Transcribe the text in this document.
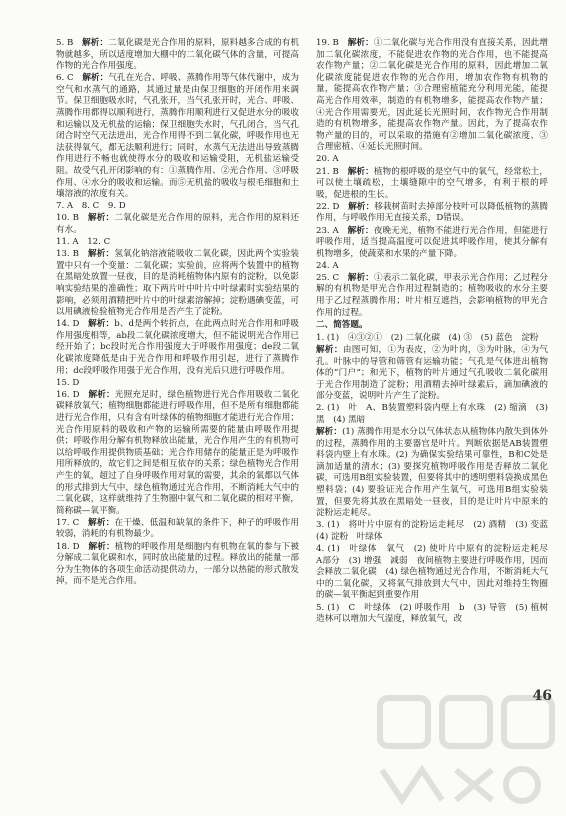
5. B　 解析：二氧化碳是光合作用的原料，原料越多合成的有机物就越多，所以适度增加大棚中的二氧化碳气体的含量，可提高作物的光合作用强度。
6. C　 解析：气孔在光合、呼吸、蒸腾作用等气体代谢中，成为空气和水蒸气的通路，其通过量是由保卫细胞的开闭作用来调节。保卫细胞吸水时，气孔张开，当气孔张开时，光合、呼吸、蒸腾作用都得以顺利进行，蒸腾作用顺利进行又促进水分的吸收和运输以及无机盐的运输；保卫细胞失水时，气孔闭合，当气孔闭合时空气无法进出，光合作用得不到二氧化碳，呼吸作用也无法获得氧气，都无法顺利进行；同时，水蒸气无法进出导致蒸腾作用进行不畅也就使得水分的吸收和运输受阻，无机盐运输受阻。故受气孔开闭影响的有：①蒸腾作用、②光合作用、③呼吸作用、④水分的吸收和运输。而⑤无机盐的吸收与根毛细胞和土壤溶液的浓度有关。
7. A　 8. C　9. D
10. B　 解析：二氧化碳是光合作用的原料，光合作用的原料还有水。
11. A　 12. C
13. B　 解析：氢氧化钠溶液能吸收二氧化碳，因此两个实验装置中只有一个变量：二氧化碳；实验前，应将两个装置中的植物在黑暗处放置一昼夜，目的是消耗植物体内原有的淀粉，以免影响实验结果的准确性；取下两片叶中叶片中叶绿素时实验结果的影响，必须用酒精把叶片中的叶绿素溶解掉；淀粉遇碘变蓝，可以用碘液检验植物光合作用是否产生了淀粉。
14. D　 解析：b、d是两个转折点，在此两点时光合作用和呼吸作用强度相等，ab段二氧化碳浓度增大，但不能说明光合作用已经开始了；bc段时光合作用强度大于呼吸作用强度；de段二氧化碳浓度降低是由于光合作用和呼吸作用引起，进行了蒸腾作用；dc段呼吸作用强于光合作用，没有光后只进行呼吸作用。
15. D　
16. D　 解析：光照充足时，绿色植物进行光合作用吸收二氧化碳释放氧气；植物细胞都能进行呼吸作用，但不是所有细胞都能进行光合作用，只有含有叶绿体的植物细胞才能进行光合作用；光合作用原料的吸收和产物的运输所需要的能量由呼吸作用提供；呼吸作用分解有机物释放出能量，光合作用产生的有机物可以给呼吸作用提供物质基础；光合作用储存的能量正是为呼吸作用所释放的，故它们之间是相互依存的关系；绿色植物光合作用产生的氧，超过了自身呼吸作用对氧的需要，其余的氧都以气体的形式排到大气中，绿色植物通过光合作用，不断消耗大气中的二氧化碳，这样就维持了生物圈中氧气和二氧化碳的相对平衡，简称碳—氧平衡。
17. C　 解析：在干燥、低温和缺氧的条件下，种子的呼吸作用较弱，消耗的有机物最少。
18. D　 解析：植物的呼吸作用是细胞内有机物在氧的参与下被分解成二氧化碳和水，同时放出能量的过程。释放出的能量一部分为生物体的各项生命活动提供动力，一部分以热能的形式散发掉，而不是光合作用。
19. B　 解析：①二氧化碳与光合作用没有直接关系，因此增加二氧化碳浓度，不能促进农作物的光合作用，也不能提高农作物产量；②二氧化碳是光合作用的原料，因此增加二氧化碳浓度能促进农作物的光合作用，增加农作物有机物的量，能提高农作物产量；③合理密植能充分利用光能，能提高光合作用效率，制造的有机物增多，能提高农作物产量；④光合作用需要光，因此延长光照时间，农作物光合作用制造的有机物增多，能提高农作物产量。因此，为了提高农作物产量的目的，可以采取的措施有②增加二氧化碳浓度、③合理密植、④延长光照时间。
20. A　
21. B　 解析：植物的根呼吸的是空气中的氧气，经常松土，可以使土壤疏松，土壤缝隙中的空气增多，有利于根的呼吸，促进根的生长。
22. D　 解析：移栽树苗时去掉部分枝叶可以降低植物的蒸腾作用，与呼吸作用无直接关系，D错误。
23. A　 解析：夜晚无光，植物不能进行光合作用，但能进行呼吸作用，适当提高温度可以促进其呼吸作用，使其分解有机物增多，使蔬菜和水果的产量下降。
24. A　
25. C　 解析：①表示二氧化碳，甲表示光合作用；乙过程分解的有机物是甲光合作用过程制造的；植物吸收的水分主要用于乙过程蒸腾作用；叶片相互遮挡，会影响植物的甲光合作用的过程。
二、简答题。
1. (1)　 ④③②①　(2) 二氧化碳　(4) ③　(5) 蓝色　淀粉
解析：由图可知，①为表皮，②为叶肉，③为叶脉，④为气孔。叶脉中的导管和筛管有运输功能；气孔是气体进出植物体的“门户”；和光下，植物的叶片通过气孔吸收二氧化碳用于光合作用制造了淀粉；用酒精去掉叶绿素后，滴加碘液的部分变蓝，说明叶片产生了淀粉。
2. (1)　 叶　A、B装置塑料袋内壁上有水珠　(2) 缩滴　(3) 黑　(4) 黑暗
解析：(1) 蒸腾作用是水分以气体状态从植物体内散失到体外的过程，蒸腾作用的主要器官是叶片。判断依据是AB装置塑料袋内壁上有水珠。(2) 为确保实验结果可靠性，B和C处是滴加适量的清水；(3) 要探究植物呼吸作用是否释放二氧化碳，可选用B组实验装置，但要将其中的透明塑料袋换成黑色塑料袋；(4) 要验证光合作用产生氧气，可选用B组实验装置，但要先将其放在黑暗处一昼夜，目的是让叶片中原来的淀粉运走耗尽。
3. (1)　 将叶片中原有的淀粉运走耗尽　(2) 酒精　(3) 变蓝　(4) 淀粉　叶绿体
4. (1)　 叶绿体　氧气　(2) 使叶片中原有的淀粉运走耗尽　A部分　(3) 增强　减弱　夜间植物主要进行呼吸作用，因而会释放二氧化碳　(4) 绿色植物通过光合作用，不断消耗大气中的二氧化碳，又将氧气排放到大气中，因此对维持生物圈的碳—氧平衡起到重要作用
5. (1)　 C　叶绿体　(2) 呼吸作用　b　(3) 导管　(5) 植树造林可以增加大气湿度，释放氧气，改
46
